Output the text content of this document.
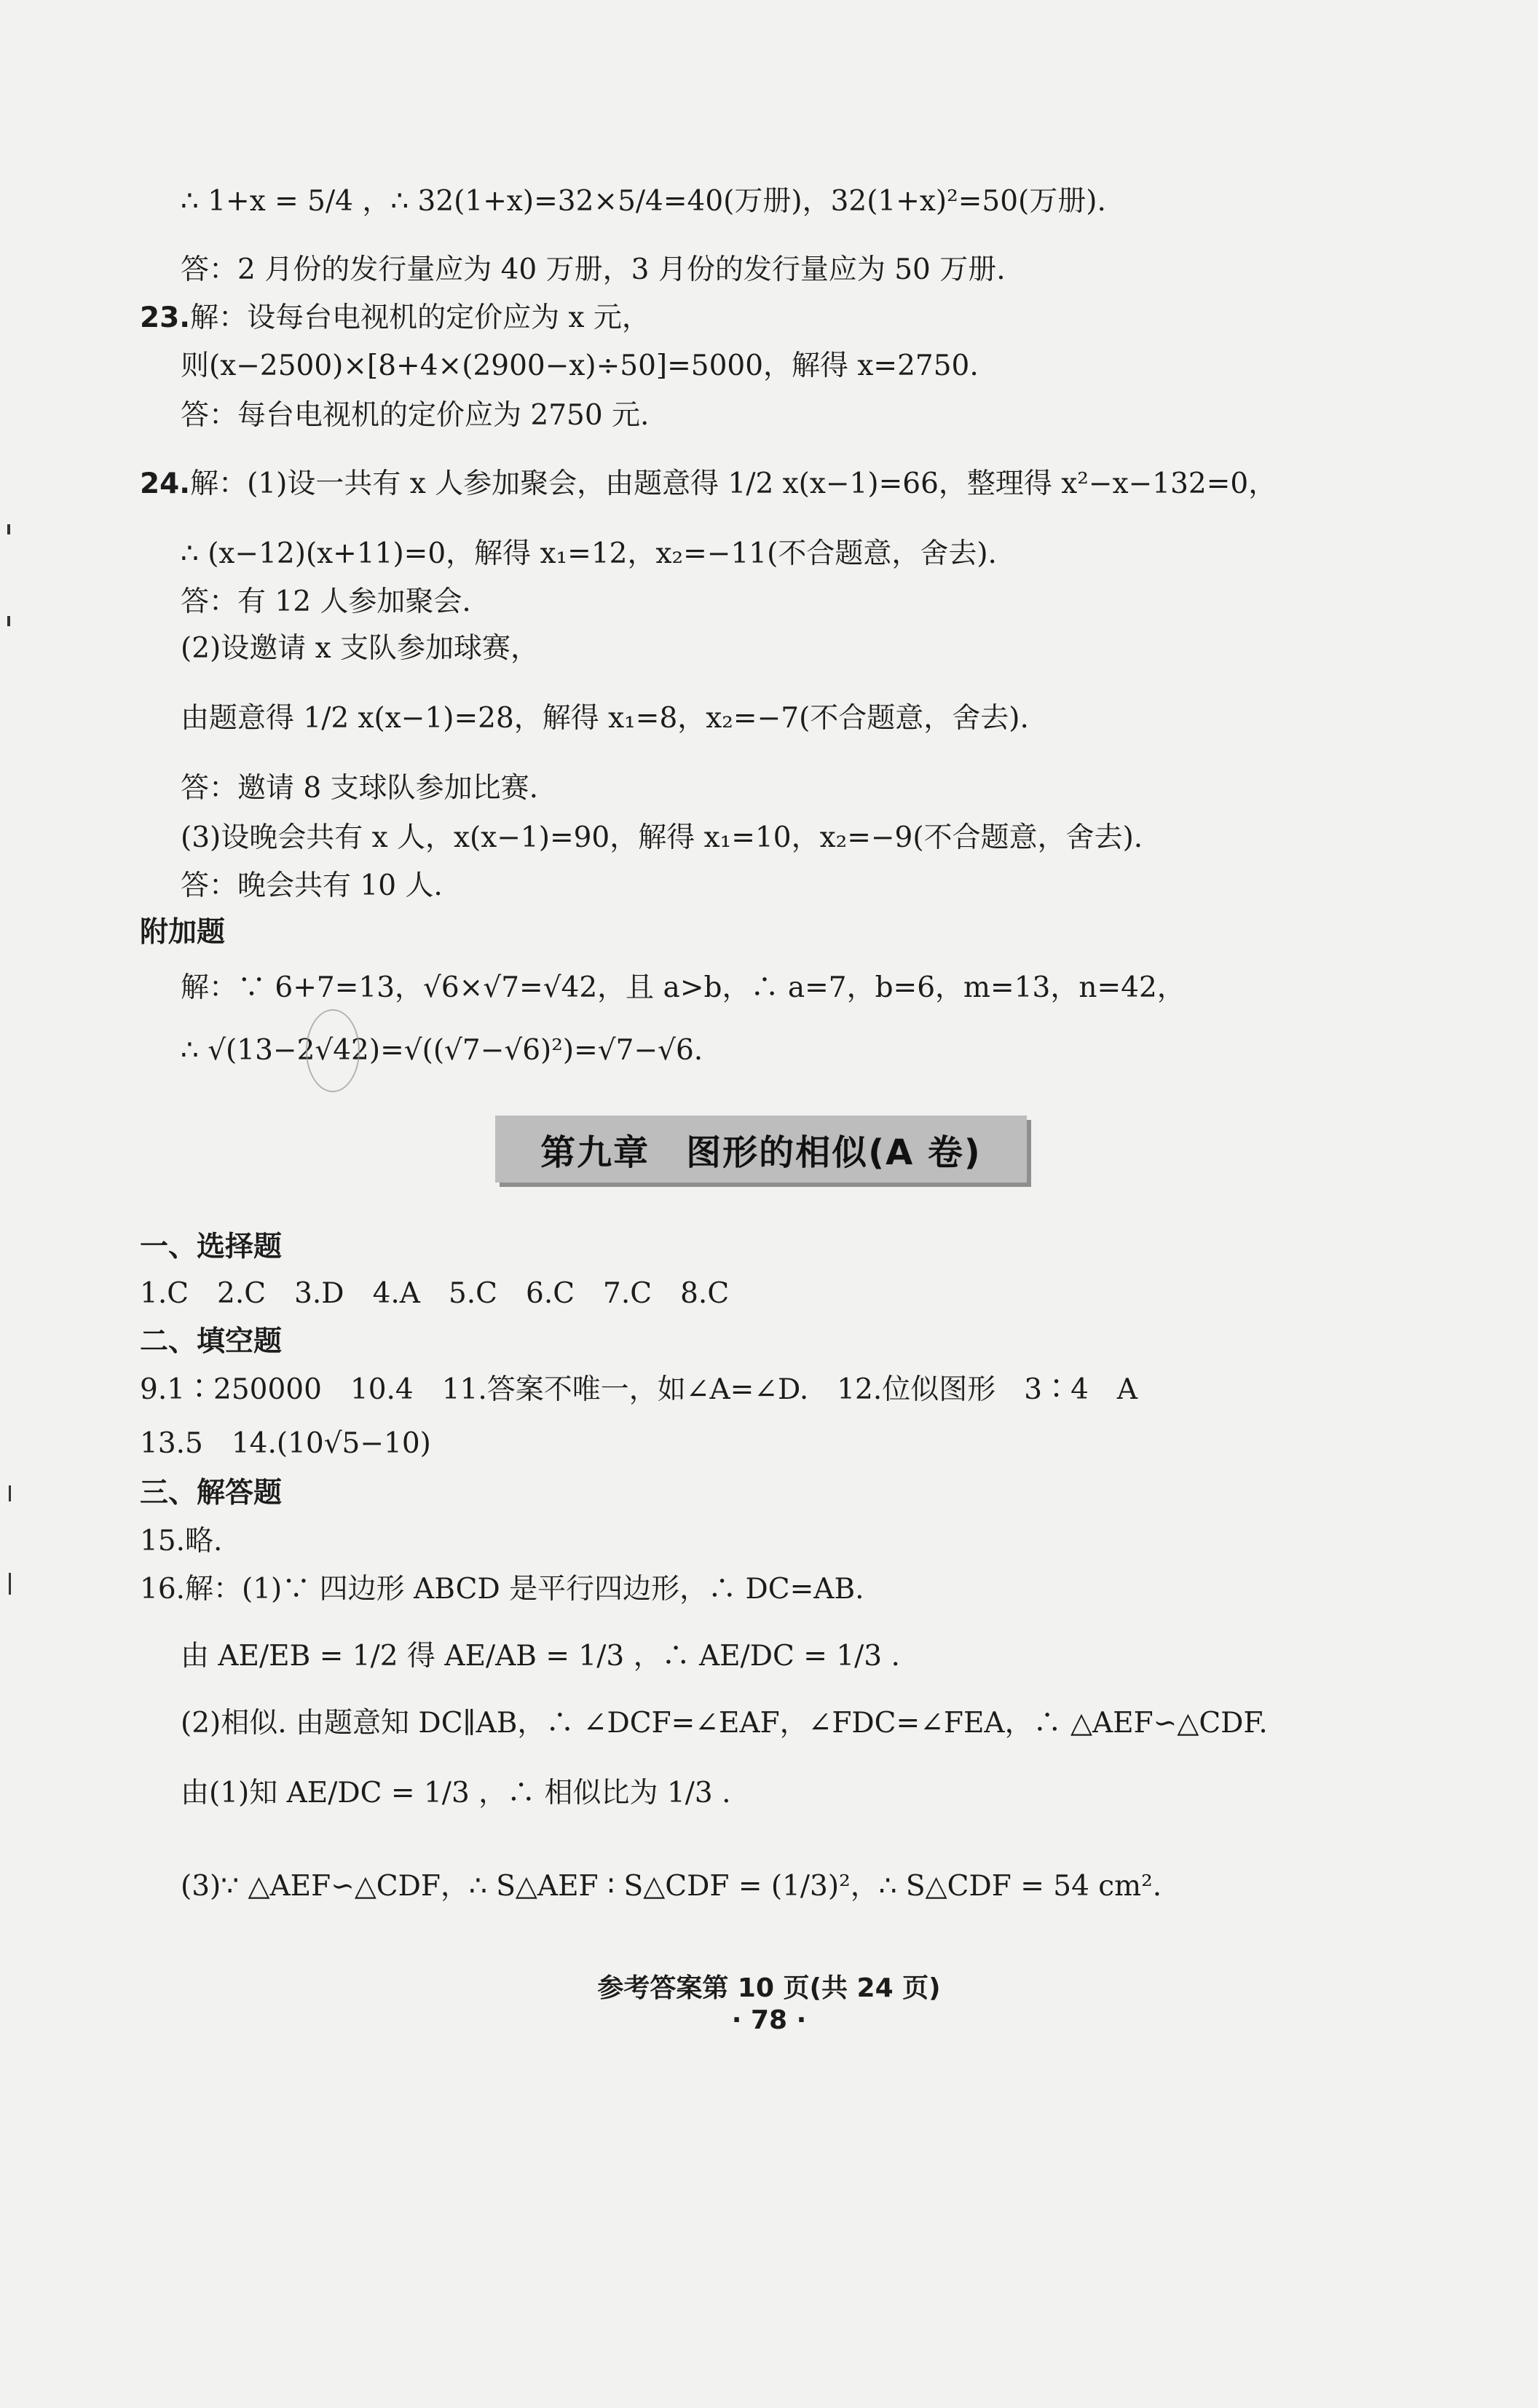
∴ 1+x = 5/4 ，∴ 32(1+x)=32×5/4=40(万册)，32(1+x)²=50(万册).
答：2 月份的发行量应为 40 万册，3 月份的发行量应为 50 万册.
23. 解：设每台电视机的定价应为 x 元，
则(x−2500)×[8+4×(2900−x)÷50]=5000，解得 x=2750.
答：每台电视机的定价应为 2750 元.
24. 解：(1)设一共有 x 人参加聚会，由题意得 1/2 x(x−1)=66，整理得 x²−x−132=0，
∴ (x−12)(x+11)=0，解得 x₁=12，x₂=−11(不合题意，舍去).
答：有 12 人参加聚会.
(2)设邀请 x 支队参加球赛，
由题意得 1/2 x(x−1)=28，解得 x₁=8，x₂=−7(不合题意，舍去).
答：邀请 8 支球队参加比赛.
(3)设晚会共有 x 人，x(x−1)=90，解得 x₁=10，x₂=−9(不合题意，舍去).
答：晚会共有 10 人.
附加题
解：∵ 6+7=13，√6×√7=√42，且 a>b，∴ a=7，b=6，m=13，n=42，
∴ √(13−2√42)=√((√7−√6)²)=√7−√6.
第九章　图形的相似(A 卷)
一、选择题
1.C　2.C　3.D　4.A　5.C　6.C　7.C　8.C
二、填空题
9.1∶250000　10.4　11.答案不唯一，如∠A=∠D.　12.位似图形　3∶4　A
13.5　14.(10√5−10)
三、解答题
15.略.
16.解：(1)∵ 四边形 ABCD 是平行四边形，∴ DC=AB.
由 AE/EB = 1/2 得 AE/AB = 1/3 ，∴ AE/DC = 1/3 .
(2)相似. 由题意知 DC∥AB，∴ ∠DCF=∠EAF，∠FDC=∠FEA，∴ △AEF∽△CDF.
由(1)知 AE/DC = 1/3 ，∴ 相似比为 1/3 .
(3)∵ △AEF∽△CDF，∴ S△AEF ∶ S△CDF = (1/3)²，∴ S△CDF = 54 cm².
参考答案第 10 页(共 24 页)
· 78 ·
